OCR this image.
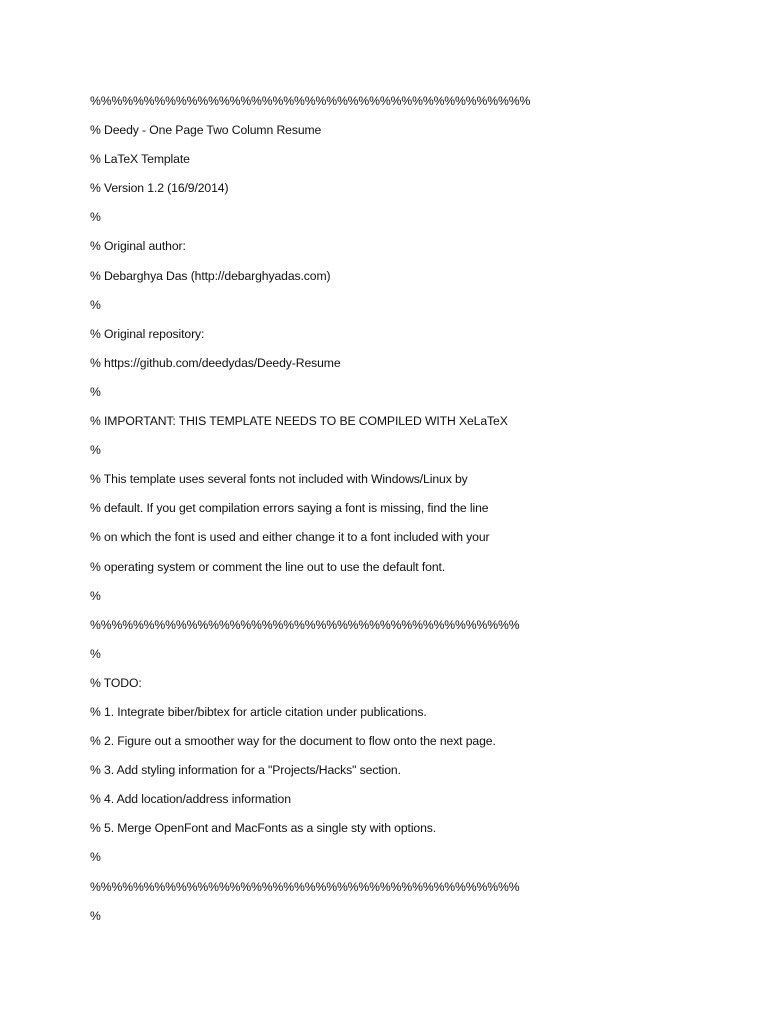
%%%%%%%%%%%%%%%%%%%%%%%%%%%%%%%%%%%%%%%%%
% Deedy - One Page Two Column Resume
% LaTeX Template
% Version 1.2 (16/9/2014)
%
% Original author:
% Debarghya Das (http://debarghyadas.com)
%
% Original repository:
% https://github.com/deedydas/Deedy-Resume
%
% IMPORTANT: THIS TEMPLATE NEEDS TO BE COMPILED WITH XeLaTeX
%
% This template uses several fonts not included with Windows/Linux by
% default. If you get compilation errors saying a font is missing, find the line
% on which the font is used and either change it to a font included with your
% operating system or comment the line out to use the default font.
%
%%%%%%%%%%%%%%%%%%%%%%%%%%%%%%%%%%%%%%%%
%
% TODO:
% 1. Integrate biber/bibtex for article citation under publications.
% 2. Figure out a smoother way for the document to flow onto the next page.
% 3. Add styling information for a "Projects/Hacks" section.
% 4. Add location/address information
% 5. Merge OpenFont and MacFonts as a single sty with options.
%
%%%%%%%%%%%%%%%%%%%%%%%%%%%%%%%%%%%%%%%%
%
